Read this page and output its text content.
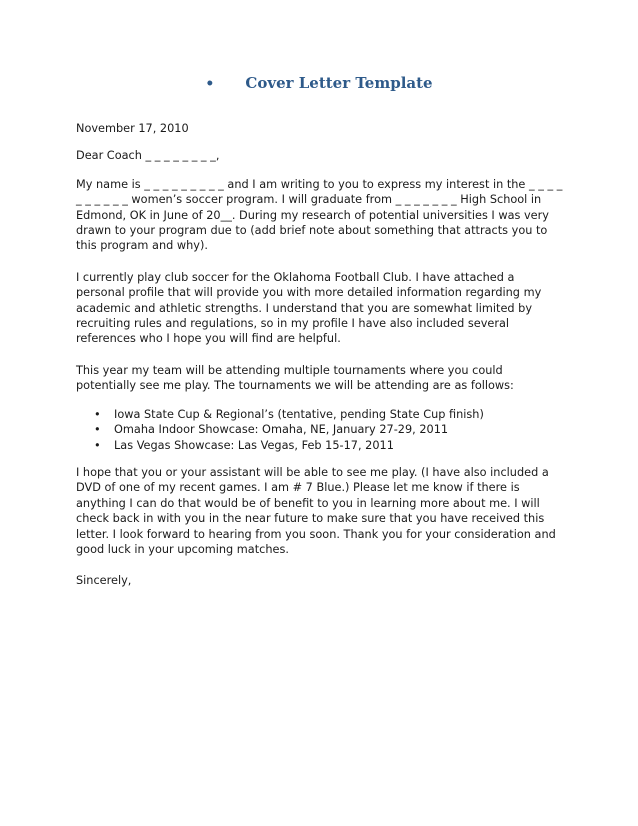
• Cover Letter Template

November 17, 2010

Dear Coach _ _ _ _ _ _ _ _,

My name is _ _ _ _ _ _ _ _ _ and I am writing to you to express my interest in the _ _ _ _ _ _ _ _ _ _ women’s soccer program. I will graduate from _ _ _ _ _ _ _ High School in Edmond, OK in June of 20__. During my research of potential universities I was very drawn to your program due to (add brief note about something that attracts you to this program and why).

I currently play club soccer for the Oklahoma Football Club. I have attached a personal profile that will provide you with more detailed information regarding my academic and athletic strengths. I understand that you are somewhat limited by recruiting rules and regulations, so in my profile I have also included several references who I hope you will find are helpful.

This year my team will be attending multiple tournaments where you could potentially see me play. The tournaments we will be attending are as follows:

• Iowa State Cup & Regional’s (tentative, pending State Cup finish)
• Omaha Indoor Showcase: Omaha, NE, January 27-29, 2011
• Las Vegas Showcase: Las Vegas, Feb 15-17, 2011

I hope that you or your assistant will be able to see me play. (I have also included a DVD of one of my recent games. I am # 7 Blue.) Please let me know if there is anything I can do that would be of benefit to you in learning more about me. I will check back in with you in the near future to make sure that you have received this letter. I look forward to hearing from you soon. Thank you for your consideration and good luck in your upcoming matches.

Sincerely,
